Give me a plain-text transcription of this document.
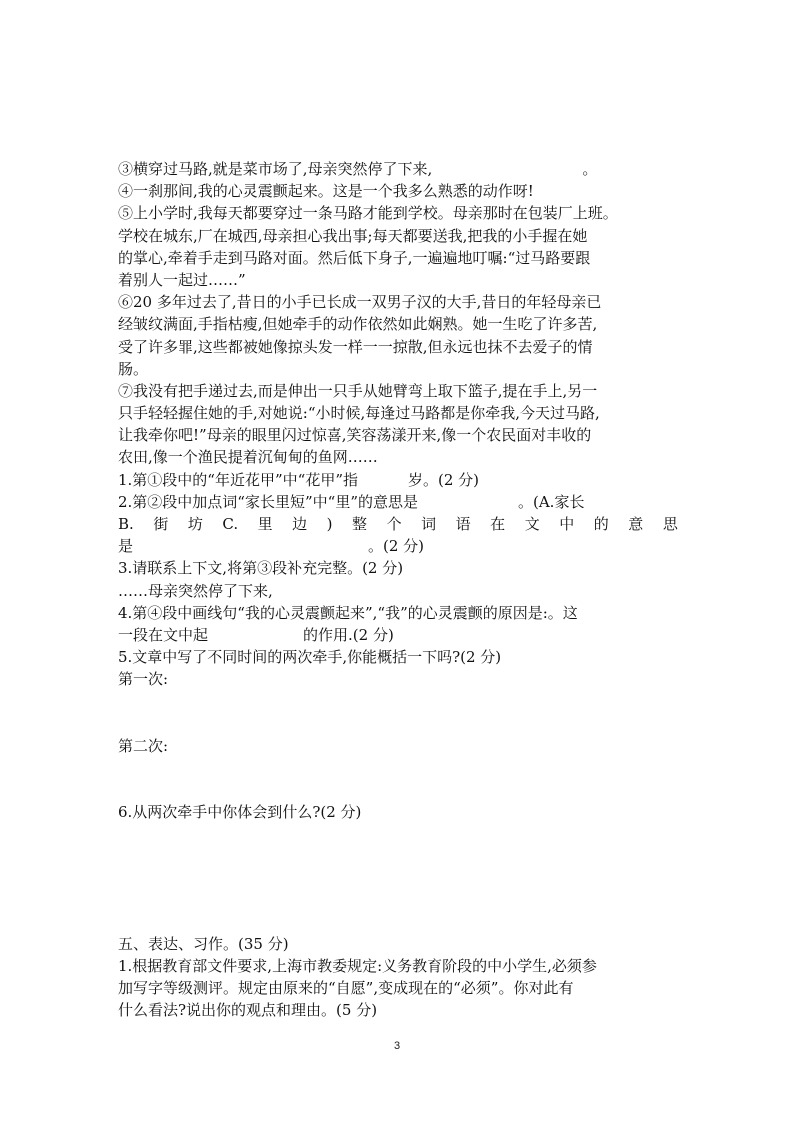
③横穿过马路,就是菜市场了,母亲突然停了下来,	。
④一刹那间,我的心灵震颤起来。这是一个我多么熟悉的动作呀!
⑤上小学时,我每天都要穿过一条马路才能到学校。母亲那时在包装厂上班。
学校在城东,厂在城西,母亲担心我出事;每天都要送我,把我的小手握在她
的掌心,牵着手走到马路对面。然后低下身子,一遍遍地叮嘱:“过马路要跟
着别人一起过……”
⑥20 多年过去了,昔日的小手已长成一双男子汉的大手,昔日的年轻母亲已
经皱纹满面,手指枯瘦,但她牵手的动作依然如此娴熟。她一生吃了许多苦,
受了许多罪,这些都被她像掠头发一样一一掠散,但永远也抹不去爱子的情
肠。
⑦我没有把手递过去,而是伸出一只手从她臂弯上取下篮子,提在手上,另一
只手轻轻握住她的手,对她说:“小时候,每逢过马路都是你牵我,今天过马路,
让我牵你吧!”母亲的眼里闪过惊喜,笑容荡漾开来,像一个农民面对丰收的
农田,像一个渔民提着沉甸甸的鱼网……
1.第①段中的“年近花甲”中“花甲”指	岁。(2 分)
2.第②段中加点词“家长里短”中“里”的意思是	。(A.家长
B. 街 坊 C. 里 边 ) 整 个 词 语 在 文 中 的 意 思
是	。(2 分)
3.请联系上下文,将第③段补充完整。(2 分)
……母亲突然停了下来,
4.第④段中画线句“我的心灵震颤起来”,“我”的心灵震颤的原因是:。这
一段在文中起	的作用.(2 分)
5.文章中写了不同时间的两次牵手,你能概括一下吗?(2 分)
第一次:
第二次:
6.从两次牵手中你体会到什么?(2 分)
五、表达、习作。(35 分)
1.根据教育部文件要求,上海市教委规定:义务教育阶段的中小学生,必须参
加写字等级测评。规定由原来的“自愿”,变成现在的“必须”。你对此有
什么看法?说出你的观点和理由。(5 分)
3
